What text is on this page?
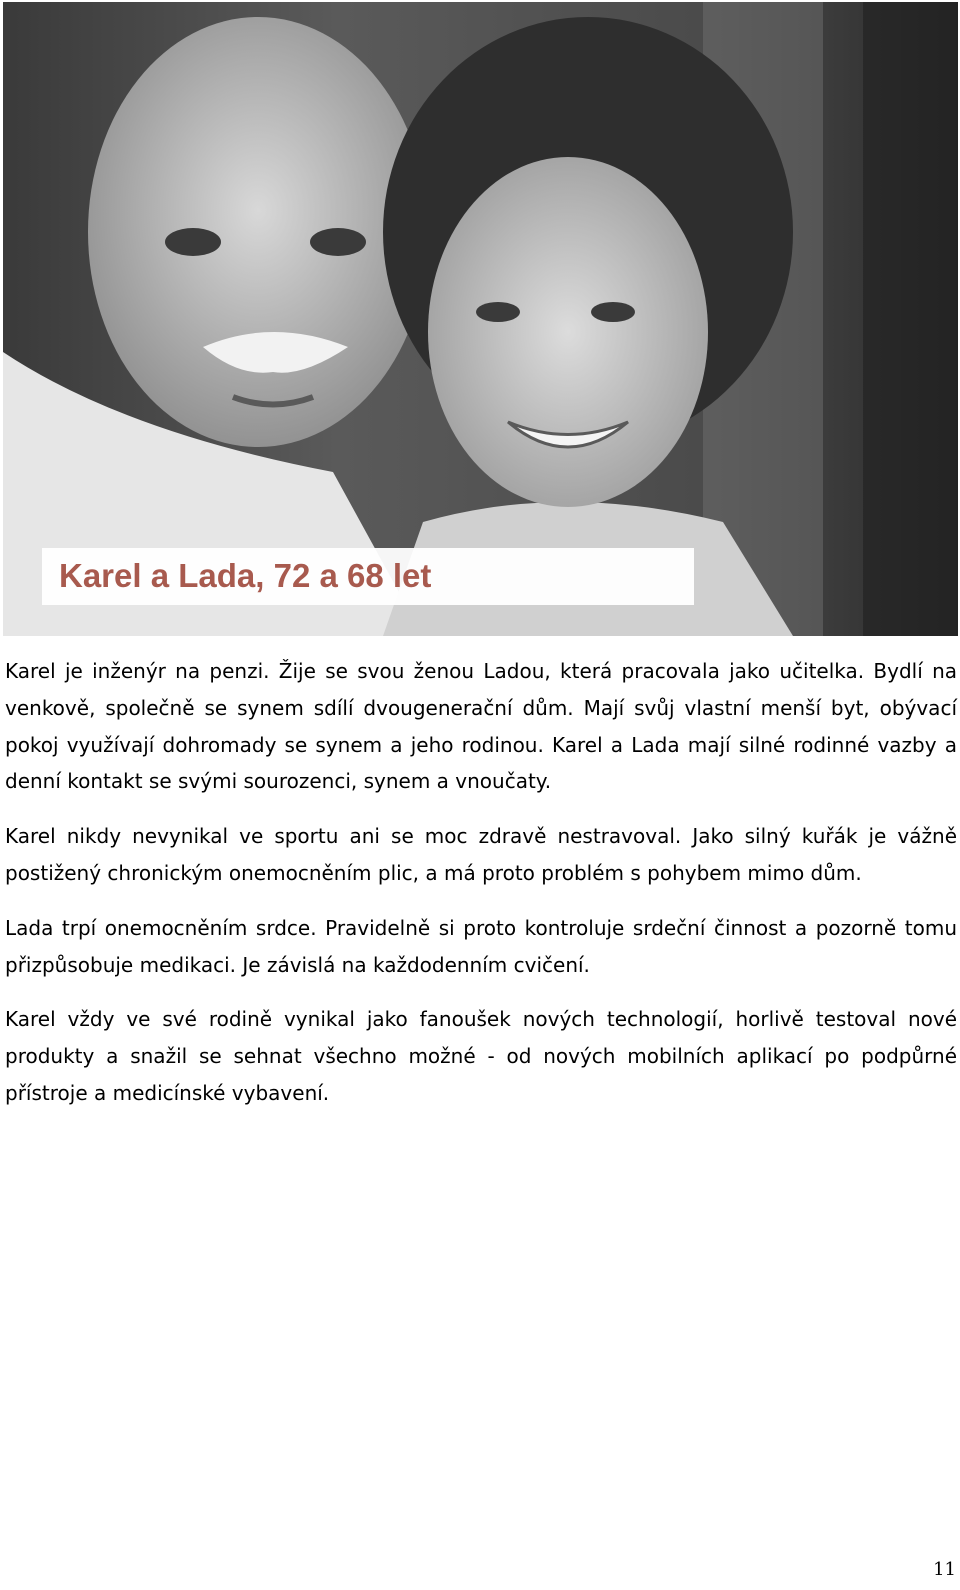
Karel a Lada, 72 a 68 let

Karel je inženýr na penzi. Žije se svou ženou Ladou, která pracovala jako učitelka. Bydlí na venkově, společně se synem sdílí dvougenerační dům. Mají svůj vlastní menší byt, obývací pokoj využívají dohromady se synem a jeho rodinou. Karel a Lada mají silné rodinné vazby a denní kontakt se svými sourozenci, synem a vnoučaty.

Karel nikdy nevynikal ve sportu ani se moc zdravě nestravoval. Jako silný kuřák je vážně postižený chronickým onemocněním plic, a má proto problém s pohybem mimo dům.

Lada trpí onemocněním srdce. Pravidelně si proto kontroluje srdeční činnost a pozorně tomu přizpůsobuje medikaci. Je závislá na každodenním cvičení.

Karel vždy ve své rodině vynikal jako fanoušek nových technologií, horlivě testoval nové produkty a snažil se sehnat všechno možné - od nových mobilních aplikací po podpůrné přístroje a medicínské vybavení.

11
